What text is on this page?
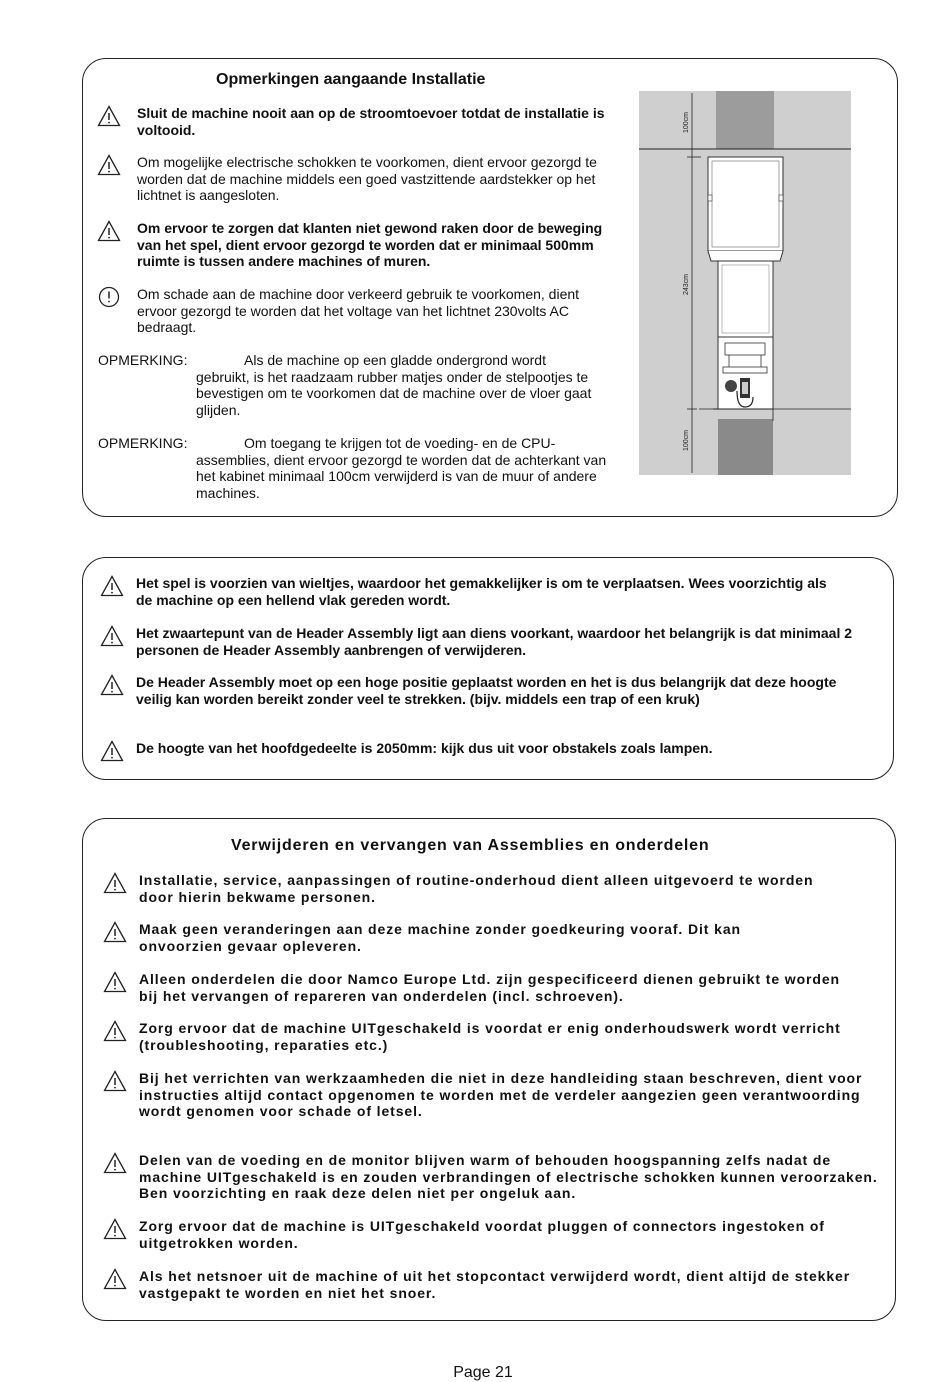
Opmerkingen aangaande Installatie
Sluit de machine nooit aan op de stroomtoevoer totdat de installatie is voltooid.
Om mogelijke electrische schokken te voorkomen, dient ervoor gezorgd te worden dat de machine middels een goed vastzittende aardstekker op het lichtnet is aangesloten.
Om ervoor te zorgen dat klanten niet gewond raken door de beweging van het spel, dient ervoor gezorgd te worden dat er minimaal 500mm ruimte is tussen andere machines of muren.
Om schade aan de machine door verkeerd gebruik te voorkomen, dient ervoor gezorgd te worden dat het voltage van het lichtnet 230volts AC bedraagt.
OPMERKING:	Als de machine op een gladde ondergrond wordt
gebruikt, is het raadzaam rubber matjes onder de stelpootjes te bevestigen om te voorkomen dat de machine over de vloer gaat glijden.
OPMERKING:	Om toegang te krijgen tot de voeding- en de CPU-
assemblies, dient ervoor gezorgd te worden dat de achterkant van het kabinet minimaal 100cm verwijderd is van de muur of andere machines.
100cm
243cm
100cm
Het spel is voorzien van wieltjes, waardoor het gemakkelijker is om te verplaatsen. Wees voorzichtig als de machine op een hellend vlak gereden wordt.
Het zwaartepunt van de Header Assembly ligt aan diens voorkant, waardoor het belangrijk is dat minimaal 2 personen de Header Assembly aanbrengen of verwijderen.
De Header Assembly moet op een hoge positie geplaatst worden en het is dus belangrijk dat deze hoogte veilig kan worden bereikt zonder veel te strekken. (bijv. middels een trap of een kruk)
De hoogte van het hoofdgedeelte is 2050mm: kijk dus uit voor obstakels zoals lampen.
Verwijderen en vervangen van Assemblies en onderdelen
Installatie, service, aanpassingen of routine-onderhoud dient alleen uitgevoerd te worden door hierin bekwame personen.
Maak geen veranderingen aan deze machine zonder goedkeuring vooraf. Dit kan onvoorzien gevaar opleveren.
Alleen onderdelen die door Namco Europe Ltd. zijn gespecificeerd dienen gebruikt te worden bij het vervangen of repareren van onderdelen (incl. schroeven).
Zorg ervoor dat de machine UITgeschakeld is voordat er enig onderhoudswerk wordt verricht (troubleshooting, reparaties etc.)
Bij het verrichten van werkzaamheden die niet in deze handleiding staan beschreven, dient voor instructies altijd contact opgenomen te worden met de verdeler aangezien geen verantwoording wordt genomen voor schade of letsel.
Delen van de voeding en de monitor blijven warm of behouden hoogspanning zelfs nadat de machine UITgeschakeld is en zouden verbrandingen of electrische schokken kunnen veroorzaken. Ben voorzichting en raak deze delen niet per ongeluk aan.
Zorg ervoor dat de machine is UITgeschakeld voordat pluggen of connectors ingestoken of uitgetrokken worden.
Als het netsnoer uit de machine of uit het stopcontact verwijderd wordt, dient altijd de stekker vastgepakt te worden en niet het snoer.
Page 21
